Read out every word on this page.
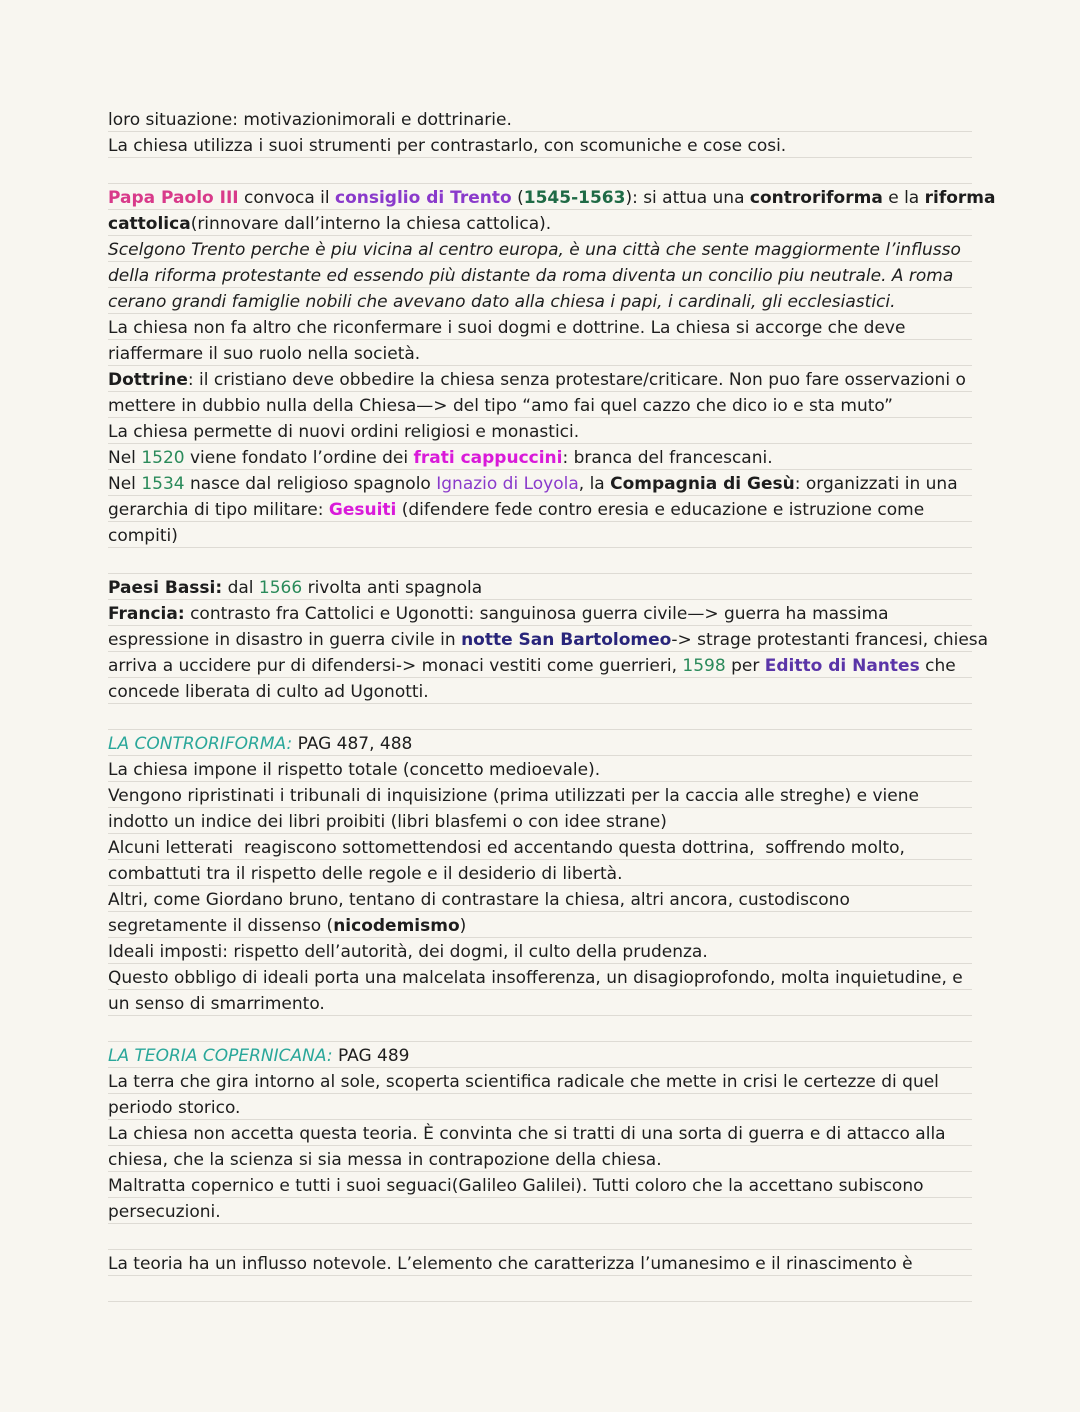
loro situazione: motivazionimorali e dottrinarie.
La chiesa utilizza i suoi strumenti per contrastarlo, con scomuniche e cose cosi.
Papa Paolo III convoca il consiglio di Trento (1545-1563): si attua una controriforma e la riforma
cattolica(rinnovare dall’interno la chiesa cattolica).
Scelgono Trento perche è piu vicina al centro europa, è una città che sente maggiormente l’influsso
della riforma protestante ed essendo più distante da roma diventa un concilio piu neutrale. A roma
cerano grandi famiglie nobili che avevano dato alla chiesa i papi, i cardinali, gli ecclesiastici.
La chiesa non fa altro che riconfermare i suoi dogmi e dottrine. La chiesa si accorge che deve
riaffermare il suo ruolo nella società.
Dottrine: il cristiano deve obbedire la chiesa senza protestare/criticare. Non puo fare osservazioni o
mettere in dubbio nulla della Chiesa—> del tipo “amo fai quel cazzo che dico io e sta muto”
La chiesa permette di nuovi ordini religiosi e monastici.
Nel 1520 viene fondato l’ordine dei frati cappuccini: branca del francescani.
Nel 1534 nasce dal religioso spagnolo Ignazio di Loyola, la Compagnia di Gesù: organizzati in una
gerarchia di tipo militare: Gesuiti (difendere fede contro eresia e educazione e istruzione come
compiti)
Paesi Bassi: dal 1566 rivolta anti spagnola
Francia: contrasto fra Cattolici e Ugonotti: sanguinosa guerra civile—> guerra ha massima
espressione in disastro in guerra civile in notte San Bartolomeo-> strage protestanti francesi, chiesa
arriva a uccidere pur di difendersi-> monaci vestiti come guerrieri, 1598 per Editto di Nantes che
concede liberata di culto ad Ugonotti.
LA CONTRORIFORMA: PAG 487, 488
La chiesa impone il rispetto totale (concetto medioevale).
Vengono ripristinati i tribunali di inquisizione (prima utilizzati per la caccia alle streghe) e viene
indotto un indice dei libri proibiti (libri blasfemi o con idee strane)
Alcuni letterati  reagiscono sottomettendosi ed accentando questa dottrina,  soffrendo molto,
combattuti tra il rispetto delle regole e il desiderio di libertà.
Altri, come Giordano bruno, tentano di contrastare la chiesa, altri ancora, custodiscono
segretamente il dissenso (nicodemismo)
Ideali imposti: rispetto dell’autorità, dei dogmi, il culto della prudenza.
Questo obbligo di ideali porta una malcelata insofferenza, un disagioprofondo, molta inquietudine, e
un senso di smarrimento.
LA TEORIA COPERNICANA: PAG 489
La terra che gira intorno al sole, scoperta scientifica radicale che mette in crisi le certezze di quel
periodo storico.
La chiesa non accetta questa teoria. È convinta che si tratti di una sorta di guerra e di attacco alla
chiesa, che la scienza si sia messa in contrapozione della chiesa.
Maltratta copernico e tutti i suoi seguaci(Galileo Galilei). Tutti coloro che la accettano subiscono
persecuzioni.
La teoria ha un influsso notevole. L’elemento che caratterizza l’umanesimo e il rinascimento è
